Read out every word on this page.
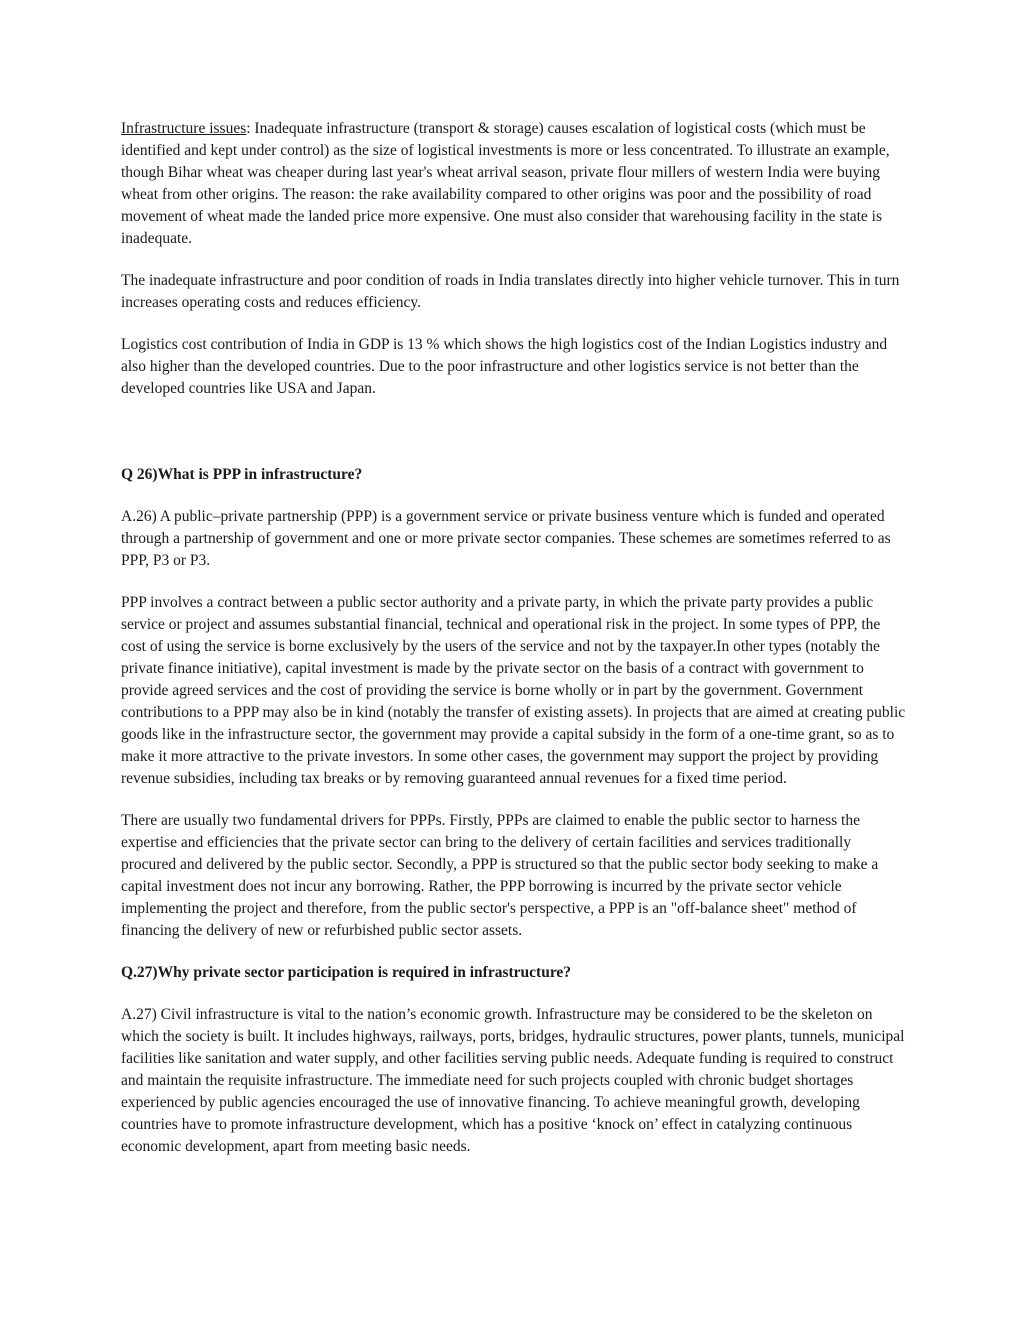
Infrastructure issues: Inadequate infrastructure (transport & storage) causes escalation of logistical costs (which must be identified and kept under control) as the size of logistical investments is more or less concentrated. To illustrate an example, though Bihar wheat was cheaper during last year's wheat arrival season, private flour millers of western India were buying wheat from other origins. The reason: the rake availability compared to other origins was poor and the possibility of road movement of wheat made the landed price more expensive. One must also consider that warehousing facility in the state is inadequate.

The inadequate infrastructure and poor condition of roads in India translates directly into higher vehicle turnover. This in turn increases operating costs and reduces efficiency.

Logistics cost contribution of India in GDP is 13 % which shows the high logistics cost of the Indian Logistics industry and also higher than the developed countries. Due to the poor infrastructure and other logistics service is not better than the developed countries like USA and Japan.

Q 26)What is PPP in infrastructure?

A.26) A public–private partnership (PPP) is a government service or private business venture which is funded and operated through a partnership of government and one or more private sector companies. These schemes are sometimes referred to as PPP, P3 or P3.

PPP involves a contract between a public sector authority and a private party, in which the private party provides a public service or project and assumes substantial financial, technical and operational risk in the project. In some types of PPP, the cost of using the service is borne exclusively by the users of the service and not by the taxpayer.In other types (notably the private finance initiative), capital investment is made by the private sector on the basis of a contract with government to provide agreed services and the cost of providing the service is borne wholly or in part by the government. Government contributions to a PPP may also be in kind (notably the transfer of existing assets). In projects that are aimed at creating public goods like in the infrastructure sector, the government may provide a capital subsidy in the form of a one-time grant, so as to make it more attractive to the private investors. In some other cases, the government may support the project by providing revenue subsidies, including tax breaks or by removing guaranteed annual revenues for a fixed time period.

There are usually two fundamental drivers for PPPs. Firstly, PPPs are claimed to enable the public sector to harness the expertise and efficiencies that the private sector can bring to the delivery of certain facilities and services traditionally procured and delivered by the public sector. Secondly, a PPP is structured so that the public sector body seeking to make a capital investment does not incur any borrowing. Rather, the PPP borrowing is incurred by the private sector vehicle implementing the project and therefore, from the public sector's perspective, a PPP is an "off-balance sheet" method of financing the delivery of new or refurbished public sector assets.

Q.27)Why private sector participation is required in infrastructure?

A.27) Civil infrastructure is vital to the nation’s economic growth. Infrastructure may be considered to be the skeleton on which the society is built. It includes highways, railways, ports, bridges, hydraulic structures, power plants, tunnels, municipal facilities like sanitation and water supply, and other facilities serving public needs. Adequate funding is required to construct and maintain the requisite infrastructure. The immediate need for such projects coupled with chronic budget shortages experienced by public agencies encouraged the use of innovative financing. To achieve meaningful growth, developing countries have to promote infrastructure development, which has a positive ‘knock on’ effect in catalyzing continuous economic development, apart from meeting basic needs.
